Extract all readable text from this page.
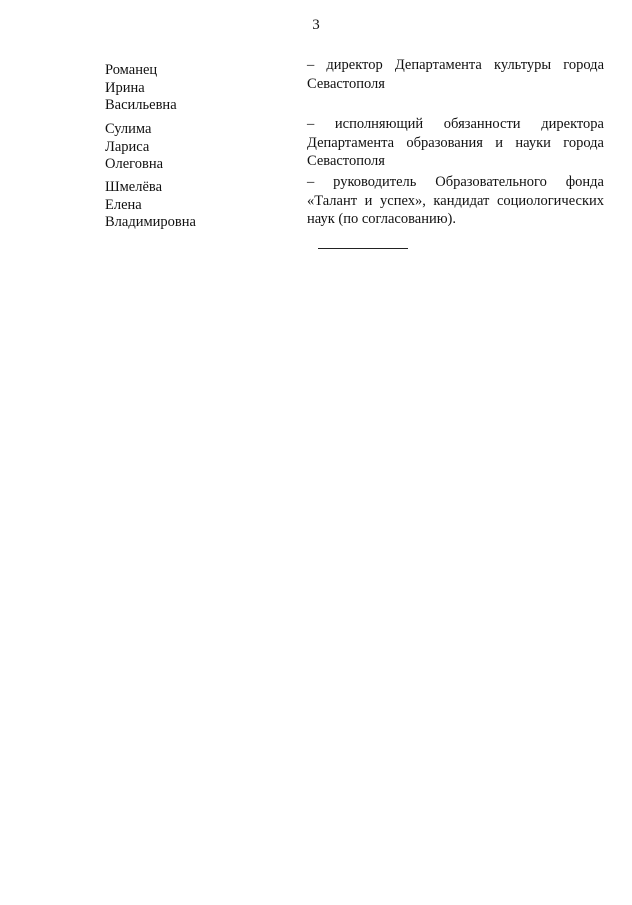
3
Романец
Ирина
Васильевна
– директор Департамента культуры города
Севастополя
Сулима
Лариса
Олеговна
– исполняющий обязанности директора
Департамента образования и науки города
Севастополя
Шмелёва
Елена
Владимировна
– руководитель Образовательного фонда
«Талант и успех», кандидат социологических
наук (по согласованию).
